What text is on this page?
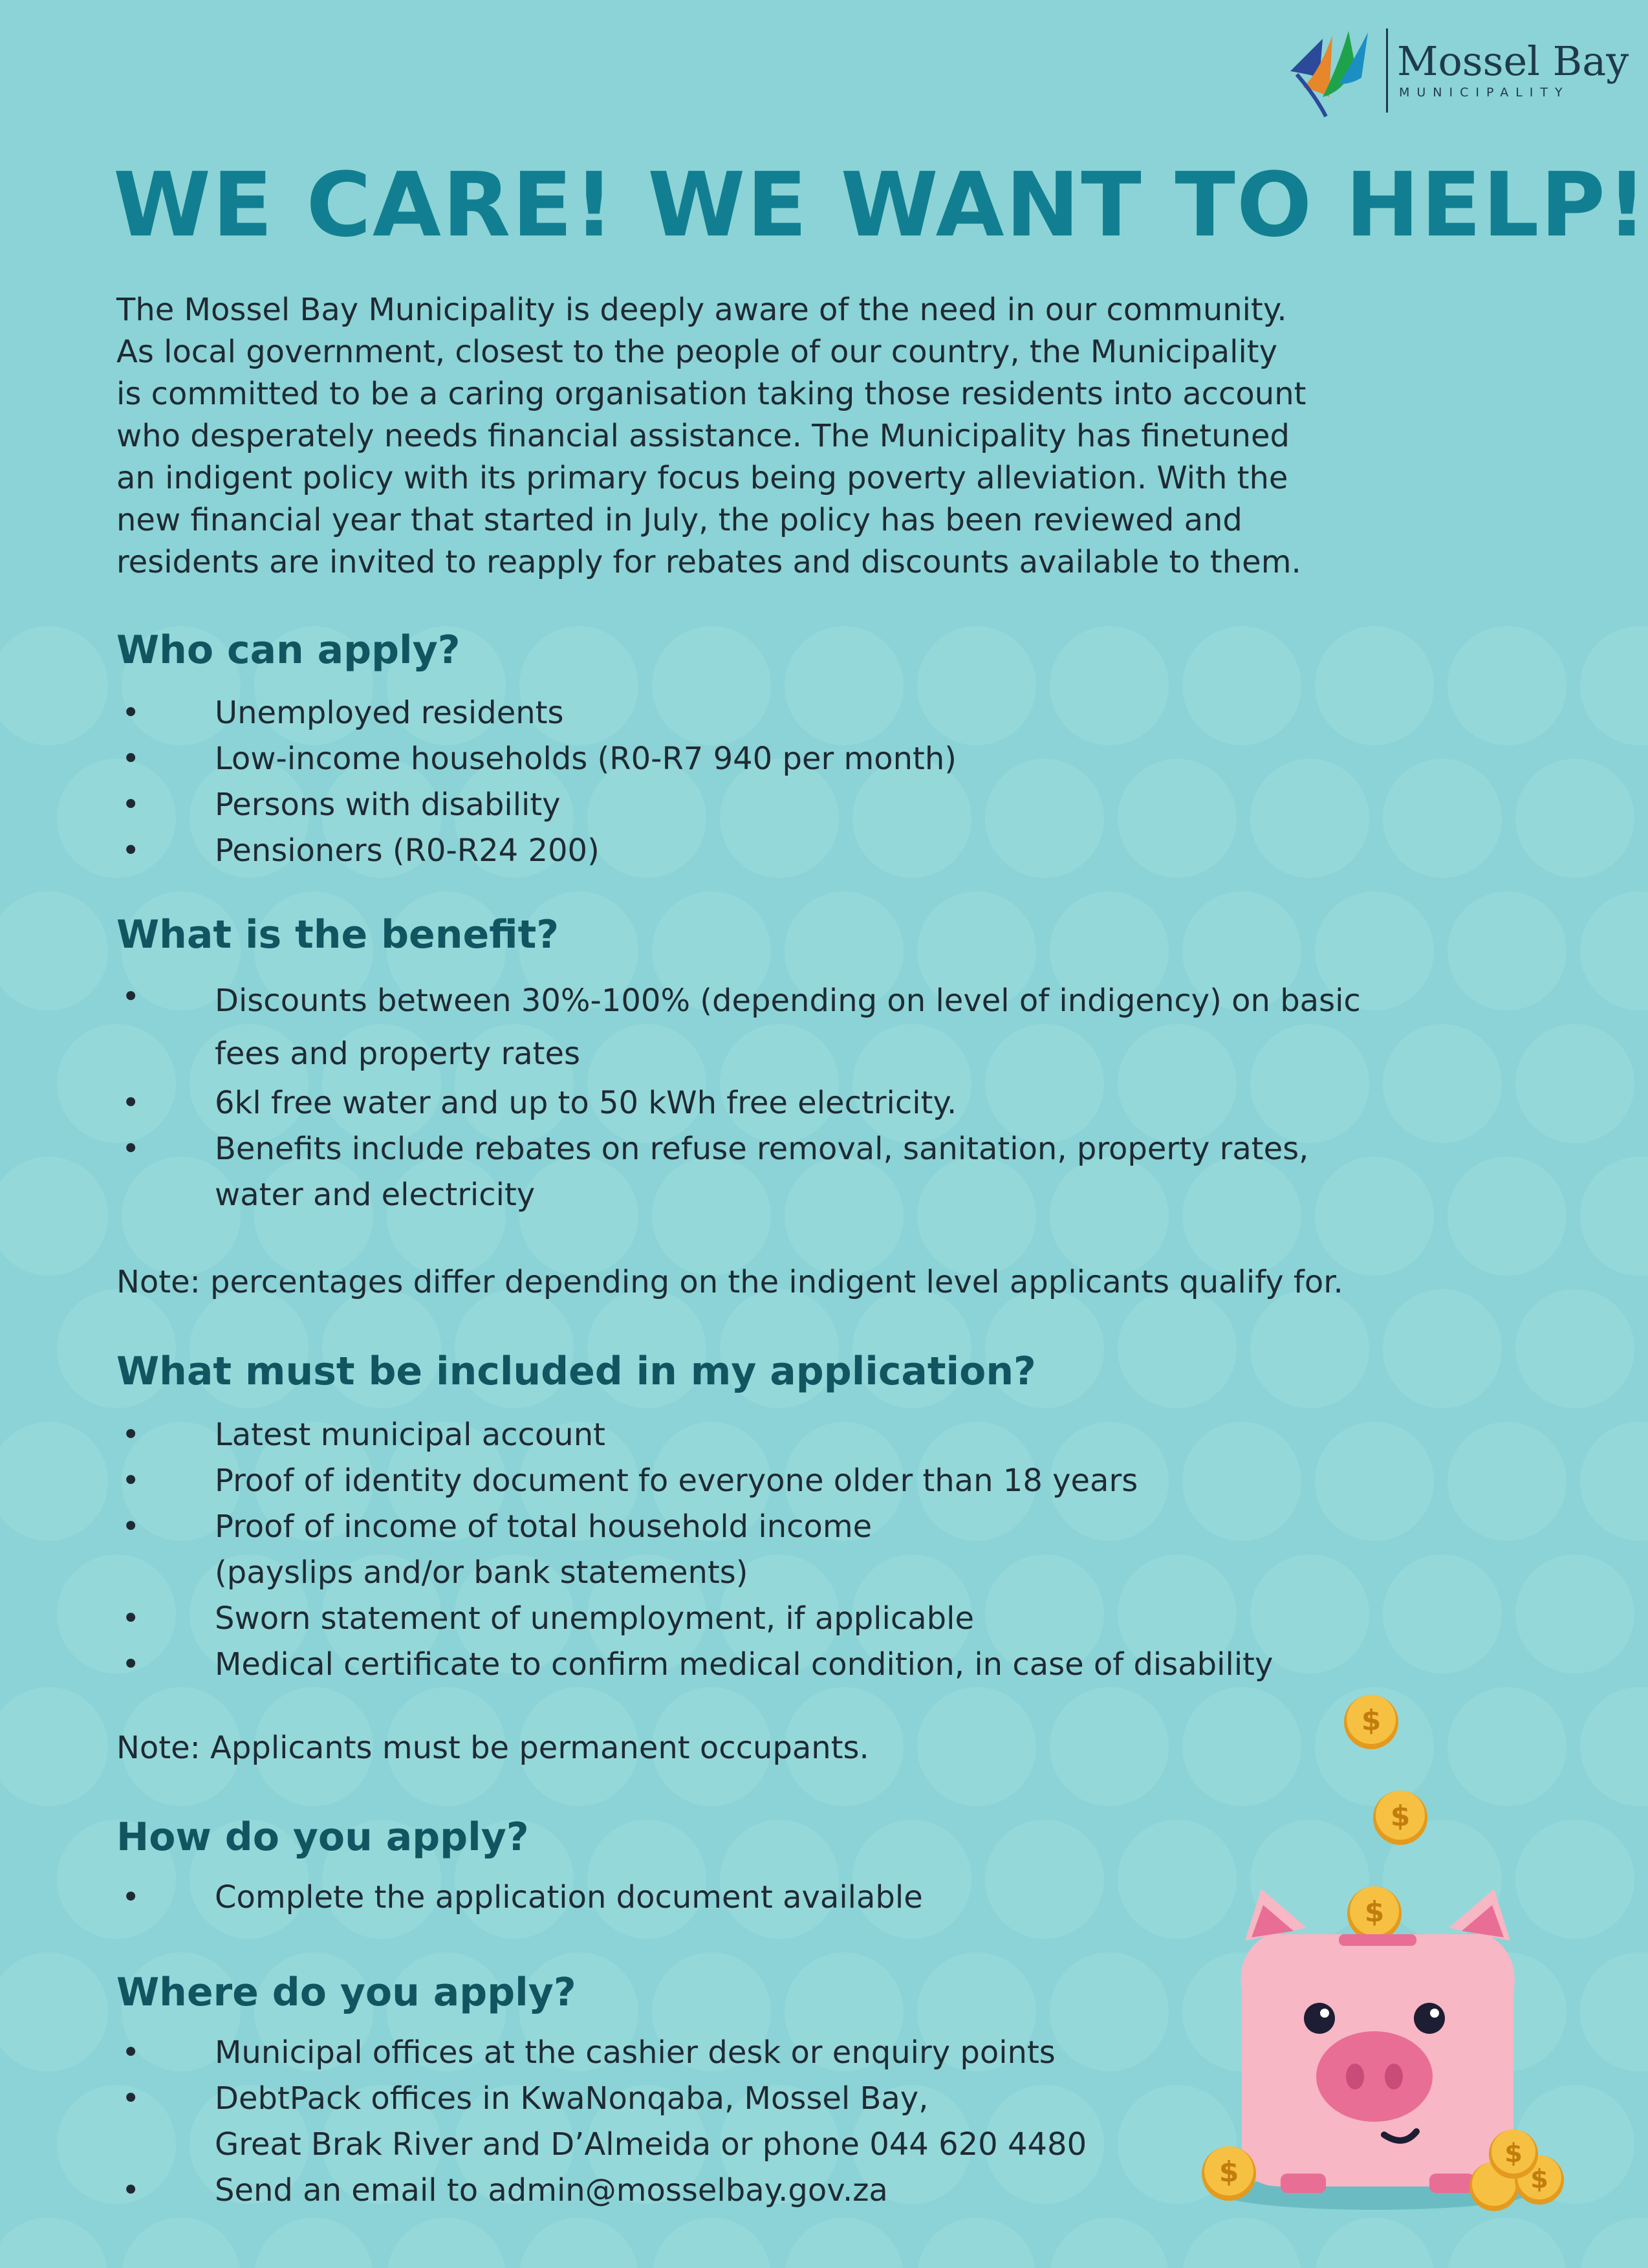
Mossel Bay
MUNICIPALITY
WE CARE! WE WANT TO HELP!
The Mossel Bay Municipality is deeply aware of the need in our community.
As local government, closest to the people of our country, the Municipality
is committed to be a caring organisation taking those residents into account
who desperately needs financial assistance. The Municipality has finetuned
an indigent policy with its primary focus being poverty alleviation. With the
new financial year that started in July, the policy has been reviewed and
residents are invited to reapply for rebates and discounts available to them.
Who can apply?
• Unemployed residents
• Low-income households (R0-R7 940 per month)
• Persons with disability
• Pensioners (R0-R24 200)
What is the benefit?
• Discounts between 30%-100% (depending on level of indigency) on basic
fees and property rates
• 6kl free water and up to 50 kWh free electricity.
• Benefits include rebates on refuse removal, sanitation, property rates,
water and electricity

Note: percentages differ depending on the indigent level applicants qualify for.

What must be included in my application?
• Latest municipal account
• Proof of identity document fo everyone older than 18 years
• Proof of income of total household income
(payslips and/or bank statements)
• Sworn statement of unemployment, if applicable
• Medical certificate to confirm medical condition, in case of disability

Note: Applicants must be permanent occupants.

How do you apply?
• Complete the application document available
Where do you apply?
• Municipal offices at the cashier desk or enquiry points
• DebtPack offices in KwaNonqaba, Mossel Bay,
Great Brak River and D’Almeida or phone 044 620 4480
• Send an email to admin@mosselbay.gov.za
$
$
$
$
$
$
